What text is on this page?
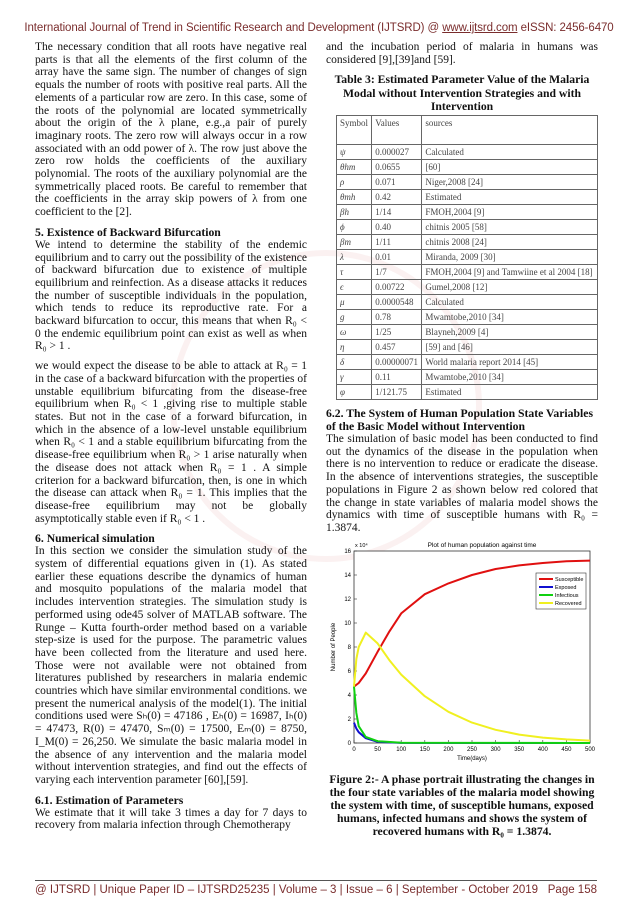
International Journal of Trend in Scientific Research and Development (IJTSRD) @ www.ijtsrd.com eISSN: 2456-6470

The necessary condition that all roots have negative real parts is that all the elements of the first column of the array have the same sign. The number of changes of sign equals the number of roots with positive real parts. All the elements of a particular row are zero. In this case, some of the roots of the polynomial are located symmetrically about the origin of the λ plane, e.g.,a pair of purely imaginary roots. The zero row will always occur in a row associated with an odd power of λ. The row just above the zero row holds the coefficients of the auxiliary polynomial. The roots of the auxiliary polynomial are the symmetrically placed roots. Be careful to remember that the coefficients in the array skip powers of λ from one coefficient to the [2].

5. Existence of Backward Bifurcation

We intend to determine the stability of the endemic equilibrium and to carry out the possibility of the existence of backward bifurcation due to existence of multiple equilibrium and reinfection. As a disease attacks it reduces the number of susceptible individuals in the population, which tends to reduce its reproductive rate. For a backward bifurcation to occur, this means that when R₀ < 0 the endemic equilibrium point can exist as well as when R₀ > 1 .

we would expect the disease to be able to attack at R₀ = 1 in the case of a backward bifurcation with the properties of unstable equilibrium bifurcating from the disease-free equilibrium when R₀ < 1 ,giving rise to multiple stable states. But not in the case of a forward bifurcation, in which in the absence of a low-level unstable equilibrium when R₀ < 1 and a stable equilibrium bifurcating from the disease-free equilibrium when R₀ > 1 arise naturally when the disease does not attack when R₀ = 1 . A simple criterion for a backward bifurcation, then, is one in which the disease can attack when R₀ = 1. This implies that the disease-free equilibrium may not be globally asymptotically stable even if R₀ < 1 .

6. Numerical simulation

In this section we consider the simulation study of the system of differential equations given in (1). As stated earlier these equations describe the dynamics of human and mosquito populations of the malaria model that includes intervention strategies. The simulation study is performed using ode45 solver of MATLAB software. The Runge – Kutta fourth-order method based on a variable step-size is used for the purpose. The parametric values have been collected from the literature and used here. Those were not available were not obtained from literatures published by researchers in malaria endemic countries which have similar environmental conditions. we present the numerical analysis of the model(1). The initial conditions used were Sₕ(0) = 47186 , Eₕ(0) = 16987, Iₕ(0) = 47473, R(0) = 47470, Sₘ(0) = 17500, Eₘ(0) = 8750, I_M(0) = 26,250. We simulate the basic malaria model in the absence of any intervention and the malaria model without intervention strategies, and find out the effects of varying each intervention parameter [60],[59].

6.1. Estimation of Parameters

We estimate that it will take 3 times a day for 7 days to recovery from malaria infection through Chemotherapy

and the incubation period of malaria in humans was considered [9],[39]and [59].

Table 3: Estimated Parameter Value of the Malaria Modal without Intervention Strategies and with Intervention
Symbol	Values	sources
ψ	0.000027	Calculated
θhm	0.0655	[60]
ρ	0.071	Niger,2008 [24]
θmh	0.42	Estimated
βh	1/14	FMOH,2004 [9]
ϕ	0.40	chitnis 2005 [58]
βm	1/11	chitnis 2008 [24]
λ	0.01	Miranda, 2009 [30]
τ	1/7	FMOH,2004 [9] and Tamwiine et al 2004 [18]
ϵ	0.00722	Gumel,2008 [12]
μ	0.0000548	Calculated
g	0.78	Mwamtobe,2010 [34]
ω	1/25	Blayneh,2009 [4]
η	0.457	[59] and [46]
δ	0.00000071	World malaria report 2014 [45]
γ	0.11	Mwamtobe,2010 [34]
φ	1/121.75	Estimated
6.2. The System of Human Population State Variables of the Basic Model without Intervention

The simulation of basic model has been conducted to find out the dynamics of the disease in the population when there is no intervention to reduce or eradicate the disease. In the absence of interventions strategies, the susceptible populations in Figure 2 as shown below red colored that the change in state variables of malaria model shows the dynamics with time of susceptible humans with R₀ = 1.3874.

Plot of human population against time
x 10⁴
0	50	100 150 200 250 300 350 400 450 500
0
2
4
6
8
10
12
14
16
Time(days)
Number of People
Susceptible
Exposed
Infectious
Recovered
Figure 2:- A phase portrait illustrating the changes in the four state variables of the malaria model showing the system with time, of susceptible humans, exposed humans, infected humans and shows the system of recovered humans with R₀ = 1.3874.
@ IJTSRD | Unique Paper ID – IJTSRD25235 | Volume – 3 | Issue – 6 | September - October 2019 Page 158
